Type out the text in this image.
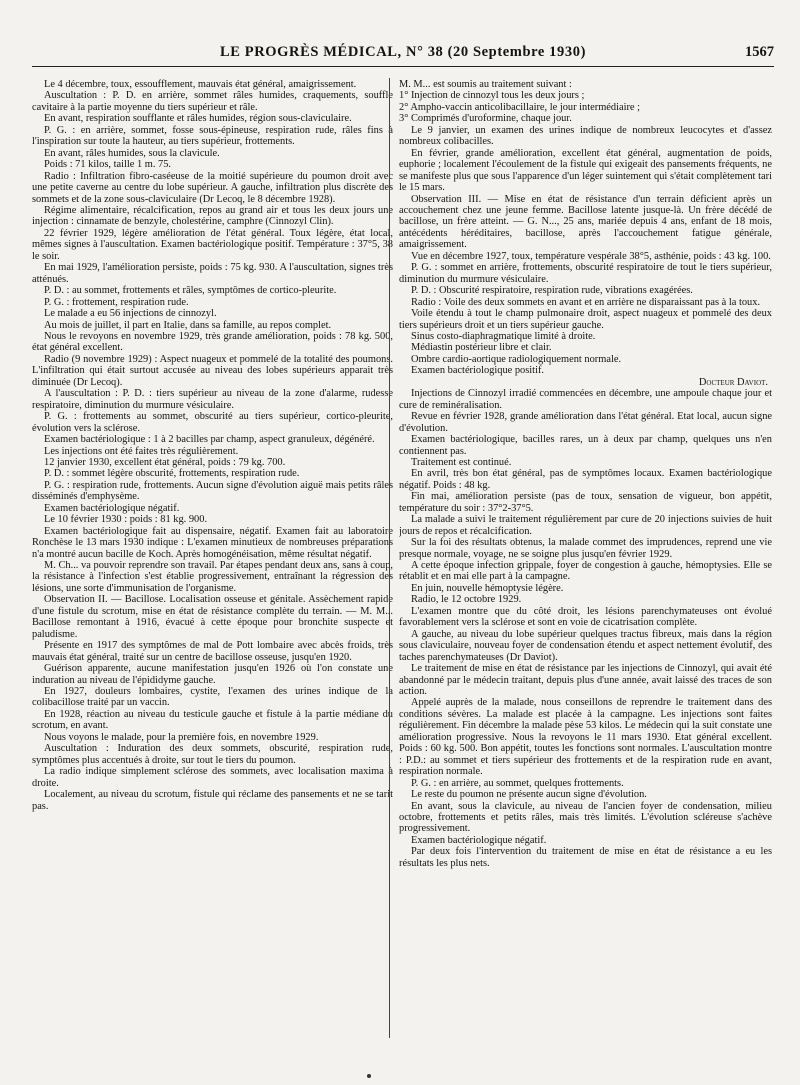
LE PROGRÈS MÉDICAL, N° 38 (20 Septembre 1930)	1567

Le 4 décembre, toux, essoufflement, mauvais état général, amaigrissement.

Auscultation : P. D. en arrière, sommet râles humides, craquements, souffle cavitaire à la partie moyenne du tiers supérieur et râle.

En avant, respiration soufflante et râles humides, région sous-claviculaire.

P. G. : en arrière, sommet, fosse sous-épineuse, respiration rude, râles fins à l'inspiration sur toute la hauteur, au tiers supérieur, frottements.

En avant, râles humides, sous la clavicule.

Poids : 71 kilos, taille 1 m. 75.

Radio : Infiltration fibro-caséeuse de la moitié supérieure du poumon droit avec une petite caverne au centre du lobe supérieur. A gauche, infiltration plus discrète des sommets et de la zone sous-claviculaire (Dr Lecoq, le 8 décembre 1928).

Régime alimentaire, récalcification, repos au grand air et tous les deux jours une injection : cinnamate de benzyle, cholestérine, camphre (Cinnozyl Clin).

22 février 1929, légère amélioration de l'état général. Toux légère, état local, mêmes signes à l'auscultation. Examen bactériologique positif. Température : 37°5, 38 le soir.

En mai 1929, l'amélioration persiste, poids : 75 kg. 930. A l'auscultation, signes très atténués.

P. D. : au sommet, frottements et râles, symptômes de cortico-pleurite.

P. G. : frottement, respiration rude.

Le malade a eu 56 injections de cinnozyl.

Au mois de juillet, il part en Italie, dans sa famille, au repos complet.

Nous le revoyons en novembre 1929, très grande amélioration, poids : 78 kg. 500, état général excellent.

Radio (9 novembre 1929) : Aspect nuageux et pommelé de la totalité des poumons. L'infiltration qui était surtout accusée au niveau des lobes supérieurs apparait très diminuée (Dr Lecoq).

A l'auscultation : P. D. : tiers supérieur au niveau de la zone d'alarme, rudesse respiratoire, diminution du murmure vésiculaire.

P. G. : frottements au sommet, obscurité au tiers supérieur, cortico-pleurite, évolution vers la sclérose.

Examen bactériologique : 1 à 2 bacilles par champ, aspect granuleux, dégénéré.

Les injections ont été faites très régulièrement.

12 janvier 1930, excellent état général, poids : 79 kg. 700.

P. D. : sommet légère obscurité, frottements, respiration rude.

P. G. : respiration rude, frottements. Aucun signe d'évolution aiguë mais petits râles disséminés d'emphysème.

Examen bactériologique négatif.

Le 10 février 1930 : poids : 81 kg. 900.

Examen bactériologique fait au dispensaire, négatif. Examen fait au laboratoire Ronchèse le 13 mars 1930 indique : L'examen minutieux de nombreuses préparations n'a montré aucun bacille de Koch. Après homogénéisation, même résultat négatif.

M. Ch... va pouvoir reprendre son travail. Par étapes pendant deux ans, sans à coup, la résistance à l'infection s'est établie progressivement, entraînant la régression des lésions, une sorte d'immunisation de l'organisme.

Observation II. — Bacillose. Localisation osseuse et génitale. Assèchement rapide d'une fistule du scrotum, mise en état de résistance complète du terrain. — M. M... Bacillose remontant à 1916, évacué à cette époque pour bronchite suspecte et paludisme.

Présente en 1917 des symptômes de mal de Pott lombaire avec abcès froids, très mauvais état général, traité sur un centre de bacillose osseuse, jusqu'en 1920.

Guérison apparente, aucune manifestation jusqu'en 1926 où l'on constate une induration au niveau de l'épididyme gauche.

En 1927, douleurs lombaires, cystite, l'examen des urines indique de la colibacillose traité par un vaccin.

En 1928, réaction au niveau du testicule gauche et fistule à la partie médiane du scrotum, en avant.

Nous voyons le malade, pour la première fois, en novembre 1929.

Auscultation : Induration des deux sommets, obscurité, respiration rude, symptômes plus accentués à droite, sur tout le tiers du poumon.

La radio indique simplement sclérose des sommets, avec localisation maxima à droite.

Localement, au niveau du scrotum, fistule qui réclame des pansements et ne se tarit pas.

M. M... est soumis au traitement suivant :

1° Injection de cinnozyl tous les deux jours ;

2° Ampho-vaccin anticolibacillaire, le jour intermédiaire ;

3° Comprimés d'uroformine, chaque jour.

Le 9 janvier, un examen des urines indique de nombreux leucocytes et d'assez nombreux colibacilles.

En février, grande amélioration, excellent état général, augmentation de poids, euphorie ; localement l'écoulement de la fistule qui exigeait des pansements fréquents, ne se manifeste plus que sous l'apparence d'un léger suintement qui s'était complètement tari le 15 mars.

Observation III. — Mise en état de résistance d'un terrain déficient après un accouchement chez une jeune femme. Bacillose latente jusque-là. Un frère décédé de bacillose, un frère atteint. — G. N..., 25 ans, mariée depuis 4 ans, enfant de 18 mois, antécédents héréditaires, bacillose, après l'accouchement fatigue générale, amaigrissement.

Vue en décembre 1927, toux, température vespérale 38°5, asthénie, poids : 43 kg. 100.

P. G. : sommet en arrière, frottements, obscurité respiratoire de tout le tiers supérieur, diminution du murmure vésiculaire.

P. D. : Obscurité respiratoire, respiration rude, vibrations exagérées.

Radio : Voile des deux sommets en avant et en arrière ne disparaissant pas à la toux.

Voile étendu à tout le champ pulmonaire droit, aspect nuageux et pommelé des deux tiers supérieurs droit et un tiers supérieur gauche.

Sinus costo-diaphragmatique limité à droite.

Médiastin postérieur libre et clair.

Ombre cardio-aortique radiologiquement normale.

Examen bactériologique positif.

Docteur Daviot.

Injections de Cinnozyl irradié commencées en décembre, une ampoule chaque jour et cure de reminéralisation.

Revue en février 1928, grande amélioration dans l'état général. Etat local, aucun signe d'évolution.

Examen bactériologique, bacilles rares, un à deux par champ, quelques uns n'en contiennent pas.

Traitement est continué.

En avril, très bon état général, pas de symptômes locaux. Examen bactériologique négatif. Poids : 48 kg.

Fin mai, amélioration persiste (pas de toux, sensation de vigueur, bon appétit, température du soir : 37°2-37°5.

La malade a suivi le traitement régulièrement par cure de 20 injections suivies de huit jours de repos et récalcification.

Sur la foi des résultats obtenus, la malade commet des imprudences, reprend une vie presque normale, voyage, ne se soigne plus jusqu'en février 1929.

A cette époque infection grippale, foyer de congestion à gauche, hémoptysies. Elle se rétablit et en mai elle part à la campagne.

En juin, nouvelle hémoptysie légère.

Radio, le 12 octobre 1929.

L'examen montre que du côté droit, les lésions parenchymateuses ont évolué favorablement vers la sclérose et sont en voie de cicatrisation complète.

A gauche, au niveau du lobe supérieur quelques tractus fibreux, mais dans la région sous claviculaire, nouveau foyer de condensation étendu et aspect nettement évolutif, des taches parenchymateuses (Dr Daviot).

Le traitement de mise en état de résistance par les injections de Cinnozyl, qui avait été abandonné par le médecin traitant, depuis plus d'une année, avait laissé des traces de son action.

Appelé auprès de la malade, nous conseillons de reprendre le traitement dans des conditions sévères. La malade est placée à la campagne. Les injections sont faites régulièrement. Fin décembre la malade pèse 53 kilos. Le médecin qui la suit constate une amélioration progressive. Nous la revoyons le 11 mars 1930. Etat général excellent. Poids : 60 kg. 500. Bon appétit, toutes les fonctions sont normales. L'auscultation montre : P.D.: au sommet et tiers supérieur des frottements et de la respiration rude en avant, respiration normale.

P. G. : en arrière, au sommet, quelques frottements.

Le reste du poumon ne présente aucun signe d'évolution.

En avant, sous la clavicule, au niveau de l'ancien foyer de condensation, milieu octobre, frottements et petits râles, mais très limités. L'évolution scléreuse s'achève progressivement.

Examen bactériologique négatif.

Par deux fois l'intervention du traitement de mise en état de résistance a eu les résultats les plus nets.
